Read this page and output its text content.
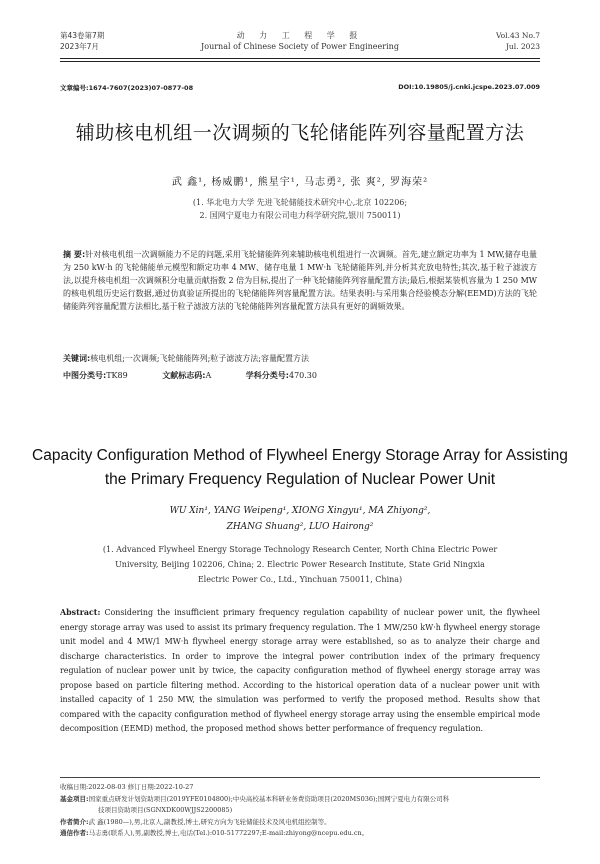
第43卷第7期
2023年7月
动 力 工 程 学 报
Journal of Chinese Society of Power Engineering
Vol.43 No.7
Jul. 2023
文章编号:1674-7607(2023)07-0877-08	DOI:10.19805/j.cnki.jcspe.2023.07.009
辅助核电机组一次调频的飞轮储能阵列容量配置方法
武 鑫¹, 杨威鹏¹, 熊星宇¹, 马志勇², 张 爽², 罗海荣²
(1. 华北电力大学 先进飞轮储能技术研究中心,北京 102206;
2. 国网宁夏电力有限公司电力科学研究院,银川 750011)
摘 要:针对核电机组一次调频能力不足的问题,采用飞轮储能阵列来辅助核电机组进行一次调频。首先,建立额定功率为 1 MW,储存电量为 250 kW·h 的飞轮储能单元模型和额定功率 4 MW、储存电量 1 MW·h 飞轮储能阵列,并分析其充放电特性;其次,基于粒子滤波方法,以提升核电机组一次调频积分电量贡献指数 2 倍为目标,提出了一种飞轮储能阵列容量配置方法;最后,根据某装机容量为 1 250 MW 的核电机组历史运行数据,通过仿真验证所提出的飞轮储能阵列容量配置方法。结果表明:与采用集合经验模态分解(EEMD)方法的飞轮储能阵列容量配置方法相比,基于粒子滤波方法的飞轮储能阵列容量配置方法具有更好的调频效果。
关键词:核电机组;一次调频;飞轮储能阵列;粒子滤波方法;容量配置方法
中图分类号:TK89	文献标志码:A	学科分类号:470.30
Capacity Configuration Method of Flywheel Energy Storage Array for Assisting the Primary Frequency Regulation of Nuclear Power Unit
WU Xin¹, YANG Weipeng¹, XIONG Xingyu¹, MA Zhiyong²,
ZHANG Shuang², LUO Hairong²
(1. Advanced Flywheel Energy Storage Technology Research Center, North China Electric Power
University, Beijing 102206, China; 2. Electric Power Research Institute, State Grid Ningxia
Electric Power Co., Ltd., Yinchuan 750011, China)
Abstract: Considering the insufficient primary frequency regulation capability of nuclear power unit, the flywheel energy storage array was used to assist its primary frequency regulation. The 1 MW/250 kW·h flywheel energy storage unit model and 4 MW/1 MW·h flywheel energy storage array were established, so as to analyze their charge and discharge characteristics. In order to improve the integral power contribution index of the primary frequency regulation of nuclear power unit by twice, the capacity configuration method of flywheel energy storage array was propose based on particle filtering method. According to the historical operation data of a nuclear power unit with installed capacity of 1 250 MW, the simulation was performed to verify the proposed method. Results show that compared with the capacity configuration method of flywheel energy storage array using the ensemble empirical mode decomposition (EEMD) method, the proposed method shows better performance of frequency regulation.
收稿日期:2022-08-03 修订日期:2022-10-27
基金项目:国家重点研发计划资助项目(2019YFE0104800);中央高校基本科研业务费资助项目(2020MS036);国网宁夏电力有限公司科
技项目资助项目(SGNXDK00WJJS2200085)
作者简介:武 鑫(1980—),男,北京人,副教授,博士,研究方向为飞轮储能技术及风电机组控制等。
通信作者:马志勇(联系人),男,副教授,博士,电话(Tel.):010-51772297;E-mail:zhiyong@ncepu.edu.cn。
